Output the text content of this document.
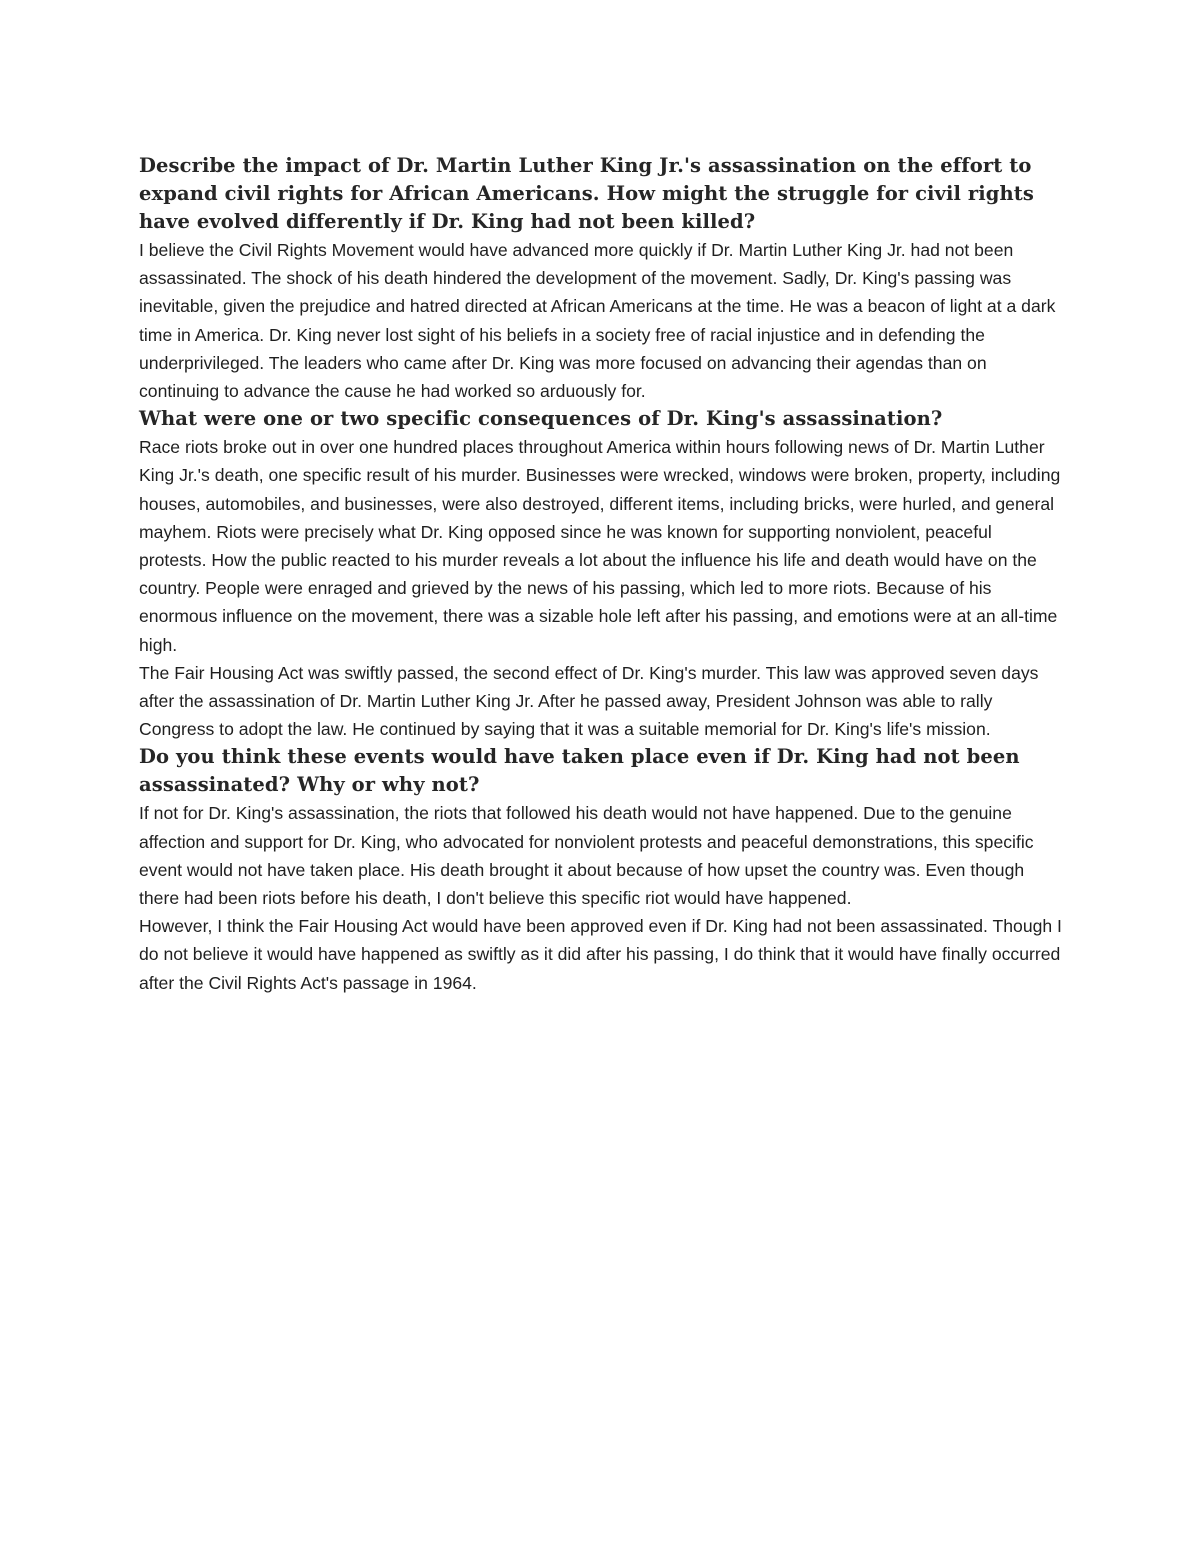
Describe the impact of Dr. Martin Luther King Jr.'s assassination on the effort to expand civil rights for African Americans. How might the struggle for civil rights have evolved differently if Dr. King had not been killed?

I believe the Civil Rights Movement would have advanced more quickly if Dr. Martin Luther King Jr. had not been assassinated. The shock of his death hindered the development of the movement. Sadly, Dr. King's passing was inevitable, given the prejudice and hatred directed at African Americans at the time. He was a beacon of light at a dark time in America. Dr. King never lost sight of his beliefs in a society free of racial injustice and in defending the underprivileged. The leaders who came after Dr. King was more focused on advancing their agendas than on continuing to advance the cause he had worked so arduously for.

What were one or two specific consequences of Dr. King's assassination?

Race riots broke out in over one hundred places throughout America within hours following news of Dr. Martin Luther King Jr.'s death, one specific result of his murder. Businesses were wrecked, windows were broken, property, including houses, automobiles, and businesses, were also destroyed, different items, including bricks, were hurled, and general mayhem. Riots were precisely what Dr. King opposed since he was known for supporting nonviolent, peaceful protests. How the public reacted to his murder reveals a lot about the influence his life and death would have on the country. People were enraged and grieved by the news of his passing, which led to more riots. Because of his enormous influence on the movement, there was a sizable hole left after his passing, and emotions were at an all-time high.

The Fair Housing Act was swiftly passed, the second effect of Dr. King's murder. This law was approved seven days after the assassination of Dr. Martin Luther King Jr. After he passed away, President Johnson was able to rally Congress to adopt the law. He continued by saying that it was a suitable memorial for Dr. King's life's mission.

Do you think these events would have taken place even if Dr. King had not been assassinated? Why or why not?

If not for Dr. King's assassination, the riots that followed his death would not have happened. Due to the genuine affection and support for Dr. King, who advocated for nonviolent protests and peaceful demonstrations, this specific event would not have taken place. His death brought it about because of how upset the country was. Even though there had been riots before his death, I don't believe this specific riot would have happened.

However, I think the Fair Housing Act would have been approved even if Dr. King had not been assassinated. Though I do not believe it would have happened as swiftly as it did after his passing, I do think that it would have finally occurred after the Civil Rights Act's passage in 1964.
